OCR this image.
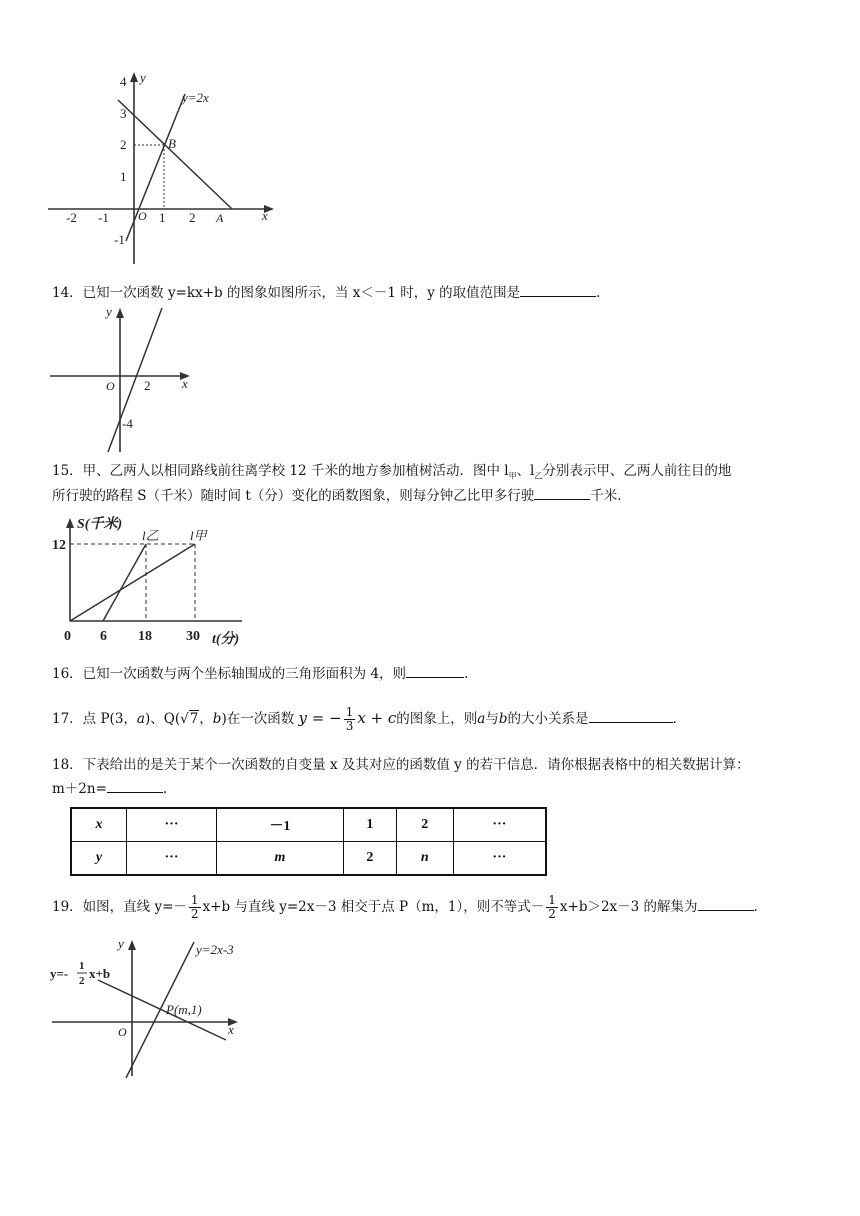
y
x
O
4
3
2
1
-1
-2 -1	1 2
y=2x
B
A
14．已知一次函数 y=kx+b 的图象如图所示，当 x＜－1 时，y 的取值范围是	.
y
x
O 2
-4
15．甲、乙两人以相同路线前往离学校 12 千米的地方参加植树活动．图中 $l_甲$、$l_乙$分别表示甲、乙两人前往目的地
所行驶的路程 S（千米）随时间 t（分）变化的函数图象，则每分钟乙比甲多行驶	千米.
S(千米)
12
0 6 18 30 t(分)
l乙 l甲
16．已知一次函数与两个坐标轴围成的三角形面积为 4，则	.
17．点 P(3，a)、Q(√7，b)在一次函数 y = − $\frac{1}{3}$ x + c的图象上，则a与b的大小关系是	.
18．下表给出的是关于某个一次函数的自变量 x 及其对应的函数值 y 的若干信息．请你根据表格中的相关数据计算：
m＋2n=	.
x	···	－1	1	2	···
y	···	m	2	n	···
19．如图，直线 $y=- \frac{1}{2} x+b$ 与直线 y=2x－3 相交于点 P（m，1），则不等式－ $\frac{1}{2} x+b>2x-3$ 的解集为	.
y
x
O
y=2x-3
y=- 1
2 x+b
P(m,1)
